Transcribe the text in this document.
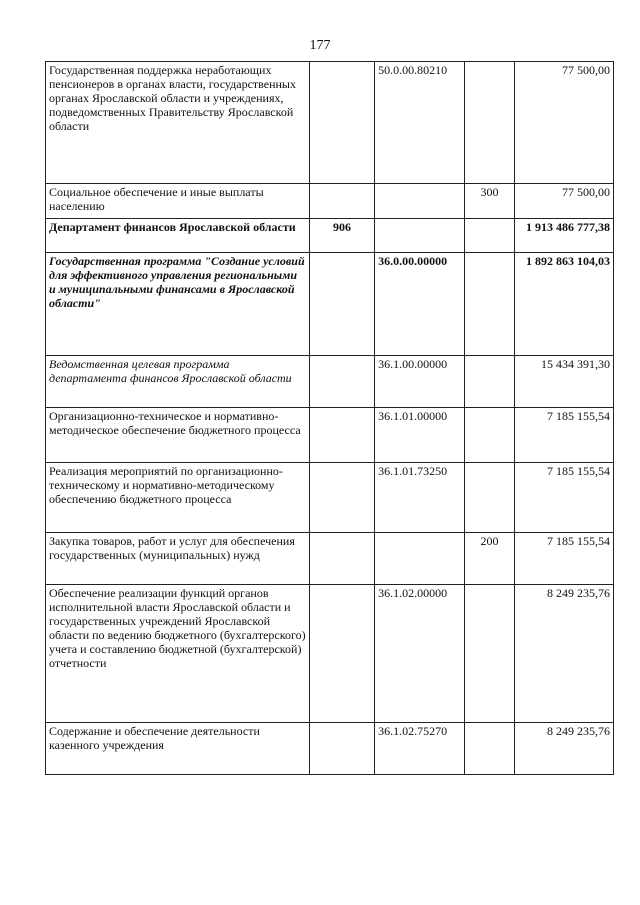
177
Государственная поддержка неработающих пенсионеров в органах власти, государственных органах Ярославской области и учреждениях, подведомственных Правительству Ярославской области		50.0.00.80210		77 500,00
Социальное обеспечение и иные выплаты населению			300	77 500,00
Департамент финансов Ярославской области	906			1 913 486 777,38
Государственная программа "Создание условий для эффективного управления региональными и муниципальными финансами в Ярославской области"		36.0.00.00000		1 892 863 104,03
Ведомственная целевая программа департамента финансов Ярославской области		36.1.00.00000		15 434 391,30
Организационно-техническое и нормативно-методическое обеспечение бюджетного процесса		36.1.01.00000		7 185 155,54
Реализация мероприятий по организационно-техническому и нормативно-методическому обеспечению бюджетного процесса		36.1.01.73250		7 185 155,54
Закупка товаров, работ и услуг для обеспечения государственных (муниципальных) нужд			200	7 185 155,54
Обеспечение реализации функций органов исполнительной власти Ярославской области и государственных учреждений Ярославской области по ведению бюджетного (бухгалтерского) учета и составлению бюджетной (бухгалтерской) отчетности		36.1.02.00000		8 249 235,76
Содержание и обеспечение деятельности казенного учреждения		36.1.02.75270		8 249 235,76
